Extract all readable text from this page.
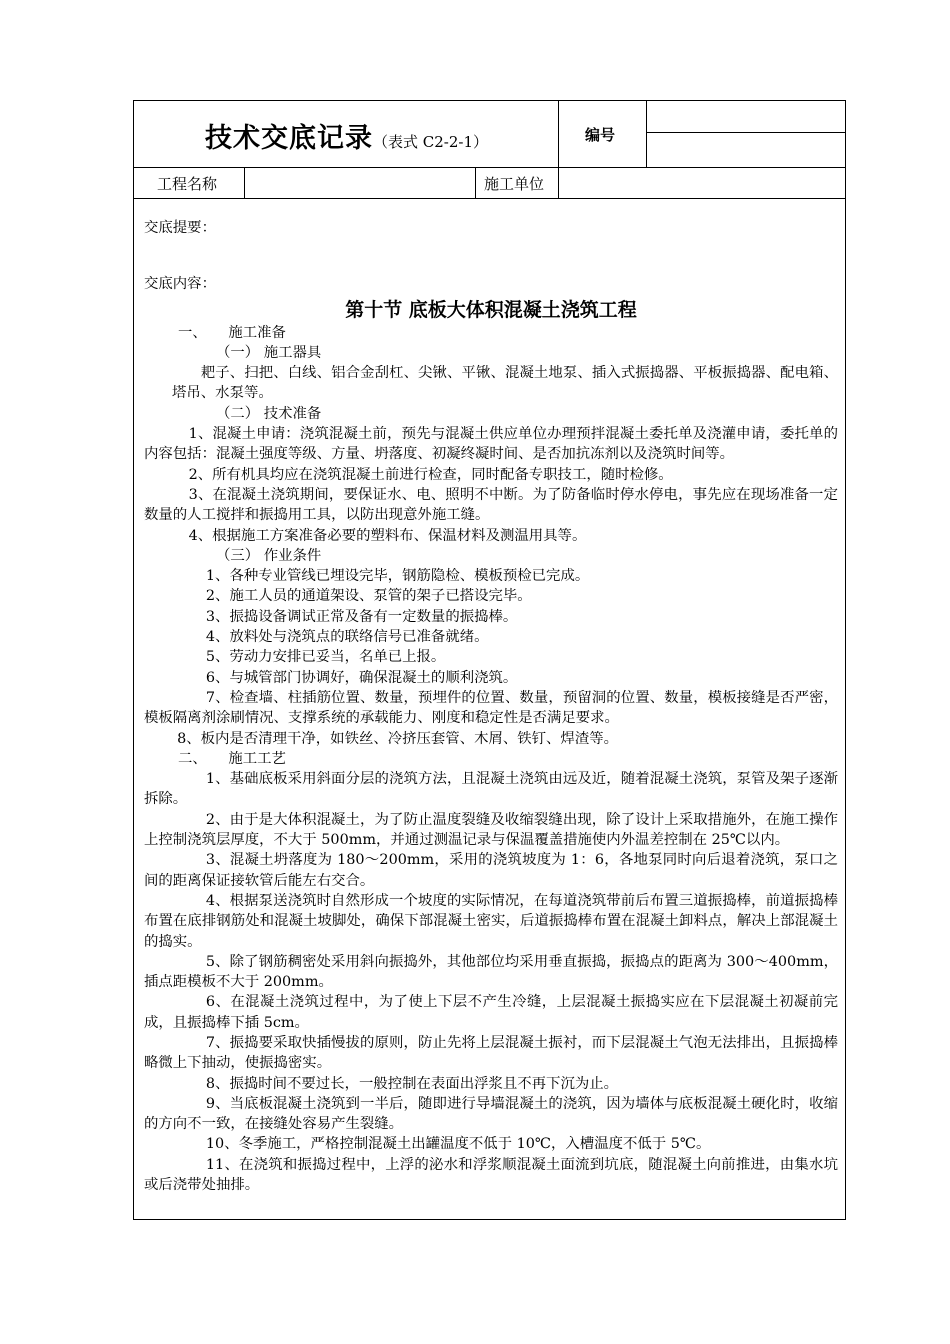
技术交底记录（表式 C2-2-1）	编号
工程名称	施工单位

交底提要：

交底内容：

第十节 底板大体积混凝土浇筑工程

一、　　施工准备

（一） 施工器具

耙子、扫把、白线、铝合金刮杠、尖锹、平锹、混凝土地泵、插入式振捣器、平板振捣器、配电箱、塔吊、水泵等。

（二） 技术准备

1、混凝土申请：浇筑混凝土前，预先与混凝土供应单位办理预拌混凝土委托单及浇灌申请，委托单的内容包括：混凝土强度等级、方量、坍落度、初凝终凝时间、是否加抗冻剂以及浇筑时间等。

2、所有机具均应在浇筑混凝土前进行检查，同时配备专职技工，随时检修。

3、在混凝土浇筑期间，要保证水、电、照明不中断。为了防备临时停水停电，事先应在现场准备一定数量的人工搅拌和振捣用工具，以防出现意外施工缝。

4、根据施工方案准备必要的塑料布、保温材料及测温用具等。

（三） 作业条件

1、各种专业管线已埋设完毕，钢筋隐检、模板预检已完成。

2、施工人员的通道架设、泵管的架子已搭设完毕。

3、振捣设备调试正常及备有一定数量的振捣棒。

4、放料处与浇筑点的联络信号已准备就绪。

5、劳动力安排已妥当，名单已上报。

6、与城管部门协调好，确保混凝土的顺利浇筑。

7、检查墙、柱插筋位置、数量，预埋件的位置、数量，预留洞的位置、数量，模板接缝是否严密，模板隔离剂涂刷情况、支撑系统的承载能力、刚度和稳定性是否满足要求。

8、板内是否清理干净，如铁丝、冷挤压套管、木屑、铁钉、焊渣等。

二、　　施工工艺

1、基础底板采用斜面分层的浇筑方法，且混凝土浇筑由远及近，随着混凝土浇筑，泵管及架子逐渐拆除。

2、由于是大体积混凝土，为了防止温度裂缝及收缩裂缝出现，除了设计上采取措施外，在施工操作上控制浇筑层厚度，不大于 500mm，并通过测温记录与保温覆盖措施使内外温差控制在 25℃以内。

3、混凝土坍落度为 180～200mm，采用的浇筑坡度为 1：6，各地泵同时向后退着浇筑，泵口之间的距离保证接软管后能左右交合。

4、根据泵送浇筑时自然形成一个坡度的实际情况，在每道浇筑带前后布置三道振捣棒，前道振捣棒布置在底排钢筋处和混凝土坡脚处，确保下部混凝土密实，后道振捣棒布置在混凝土卸料点，解决上部混凝土的捣实。

5、除了钢筋稠密处采用斜向振捣外，其他部位均采用垂直振捣，振捣点的距离为 300～400mm，插点距模板不大于 200mm。

6、在混凝土浇筑过程中，为了使上下层不产生冷缝，上层混凝土振捣实应在下层混凝土初凝前完成，且振捣棒下插 5cm。

7、振捣要采取快插慢拔的原则，防止先将上层混凝土振衬，而下层混凝土气泡无法排出，且振捣棒略微上下抽动，使振捣密实。

8、振捣时间不要过长，一般控制在表面出浮浆且不再下沉为止。

9、当底板混凝土浇筑到一半后，随即进行导墙混凝土的浇筑，因为墙体与底板混凝土硬化时，收缩的方向不一致，在接缝处容易产生裂缝。

10、冬季施工，严格控制混凝土出罐温度不低于 10℃，入槽温度不低于 5℃。

11、在浇筑和振捣过程中，上浮的泌水和浮浆顺混凝土面流到坑底，随混凝土向前推进，由集水坑或后浇带处抽排。
